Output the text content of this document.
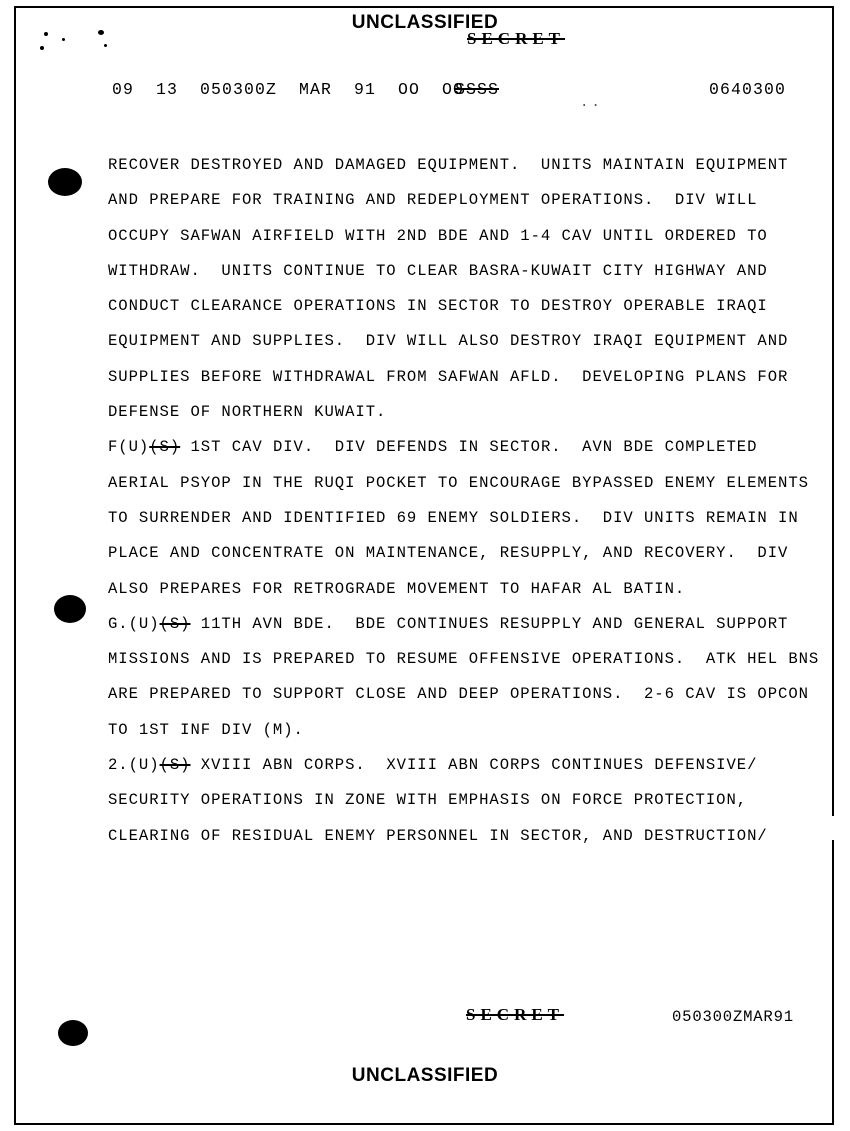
UNCLASSIFIED
SECRET
09  13  050300Z  MAR  91  OO  OO
SSSS
..
0640300
RECOVER DESTROYED AND DAMAGED EQUIPMENT.  UNITS MAINTAIN EQUIPMENT
AND PREPARE FOR TRAINING AND REDEPLOYMENT OPERATIONS.  DIV WILL
OCCUPY SAFWAN AIRFIELD WITH 2ND BDE AND 1-4 CAV UNTIL ORDERED TO
WITHDRAW.  UNITS CONTINUE TO CLEAR BASRA-KUWAIT CITY HIGHWAY AND
CONDUCT CLEARANCE OPERATIONS IN SECTOR TO DESTROY OPERABLE IRAQI
EQUIPMENT AND SUPPLIES.  DIV WILL ALSO DESTROY IRAQI EQUIPMENT AND
SUPPLIES BEFORE WITHDRAWAL FROM SAFWAN AFLD.  DEVELOPING PLANS FOR
DEFENSE OF NORTHERN KUWAIT.
F(U)(S) 1ST CAV DIV.  DIV DEFENDS IN SECTOR.  AVN BDE COMPLETED
AERIAL PSYOP IN THE RUQI POCKET TO ENCOURAGE BYPASSED ENEMY ELEMENTS
TO SURRENDER AND IDENTIFIED 69 ENEMY SOLDIERS.  DIV UNITS REMAIN IN
PLACE AND CONCENTRATE ON MAINTENANCE, RESUPPLY, AND RECOVERY.  DIV
ALSO PREPARES FOR RETROGRADE MOVEMENT TO HAFAR AL BATIN.
G.(U)(S) 11TH AVN BDE.  BDE CONTINUES RESUPPLY AND GENERAL SUPPORT
MISSIONS AND IS PREPARED TO RESUME OFFENSIVE OPERATIONS.  ATK HEL BNS
ARE PREPARED TO SUPPORT CLOSE AND DEEP OPERATIONS.  2-6 CAV IS OPCON
TO 1ST INF DIV (M).
2.(U)(S) XVIII ABN CORPS.  XVIII ABN CORPS CONTINUES DEFENSIVE/
SECURITY OPERATIONS IN ZONE WITH EMPHASIS ON FORCE PROTECTION,
CLEARING OF RESIDUAL ENEMY PERSONNEL IN SECTOR, AND DESTRUCTION/
SECRET	050300ZMAR91
UNCLASSIFIED
